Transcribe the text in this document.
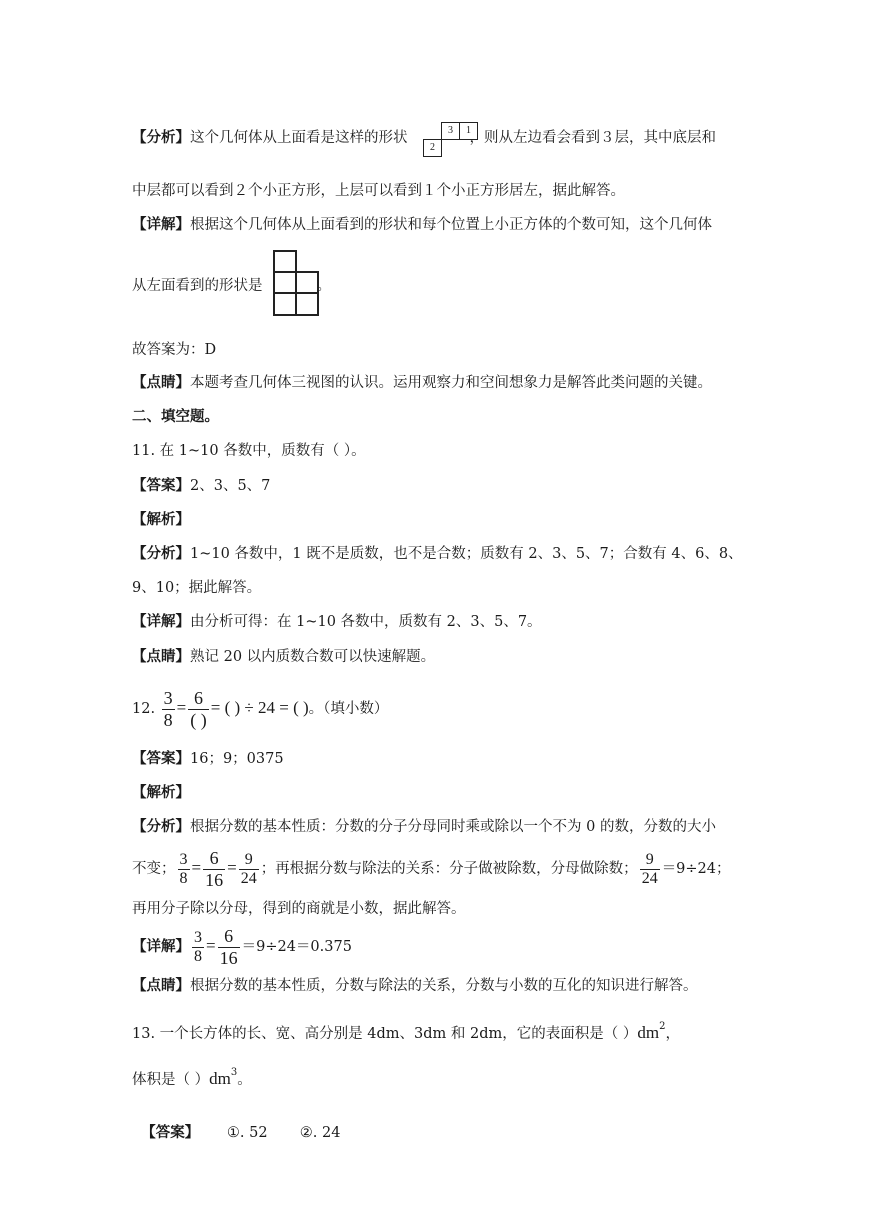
【分析】这个几何体从上面看是这样的形状	，则从左边看会看到３层，其中底层和
3	1
2
中层都可以看到２个小正方形，上层可以看到１个小正方形居左，据此解答。
【详解】根据这个几何体从上面看到的形状和每个位置上小正方体的个数可知，这个几何体
从左面看到的形状是	。
故答案为：D
【点睛】本题考查几何体三视图的认识。运用观察力和空间想象力是解答此类问题的关键。
二、填空题。
11. 在 1~10 各数中，质数有（ ）。
【答案】2、3、5、7
【解析】
【分析】1~10 各数中，1 既不是质数，也不是合数；质数有 2、3、5、7；合数有 4、6、8、
9、10；据此解答。
【详解】由分析可得：在 1~10 各数中，质数有 2、3、5、7。
【点睛】熟记 20 以内质数合数可以快速解题。
12. $\frac{3}{8} = \frac{6}{( )}$ = ( ) ÷ 24 = ( )。（填小数）
【答案】16；9；0375
【解析】
【分析】根据分数的基本性质：分数的分子分母同时乘或除以一个不为 0 的数，分数的大小
不变； $\frac{3}{8} = \frac{6}{16} = \frac{9}{24}$ ；再根据分数与除法的关系：分子做被除数，分母做除数； $\frac{9}{24} =9\div 24$；
再用分子除以分母，得到的商就是小数，据此解答。
【详解】 $\frac{3}{8} = \frac{6}{16} =9\div 24=0.375$
【点睛】根据分数的基本性质，分数与除法的关系，分数与小数的互化的知识进行解答。
13. 一个长方体的长、宽、高分别是 4dm、3dm 和 2dm，它的表面积是（ ）$dm^2$，
体积是（ ）$dm^3$。

【答案】      ①. 52       ②. 24
